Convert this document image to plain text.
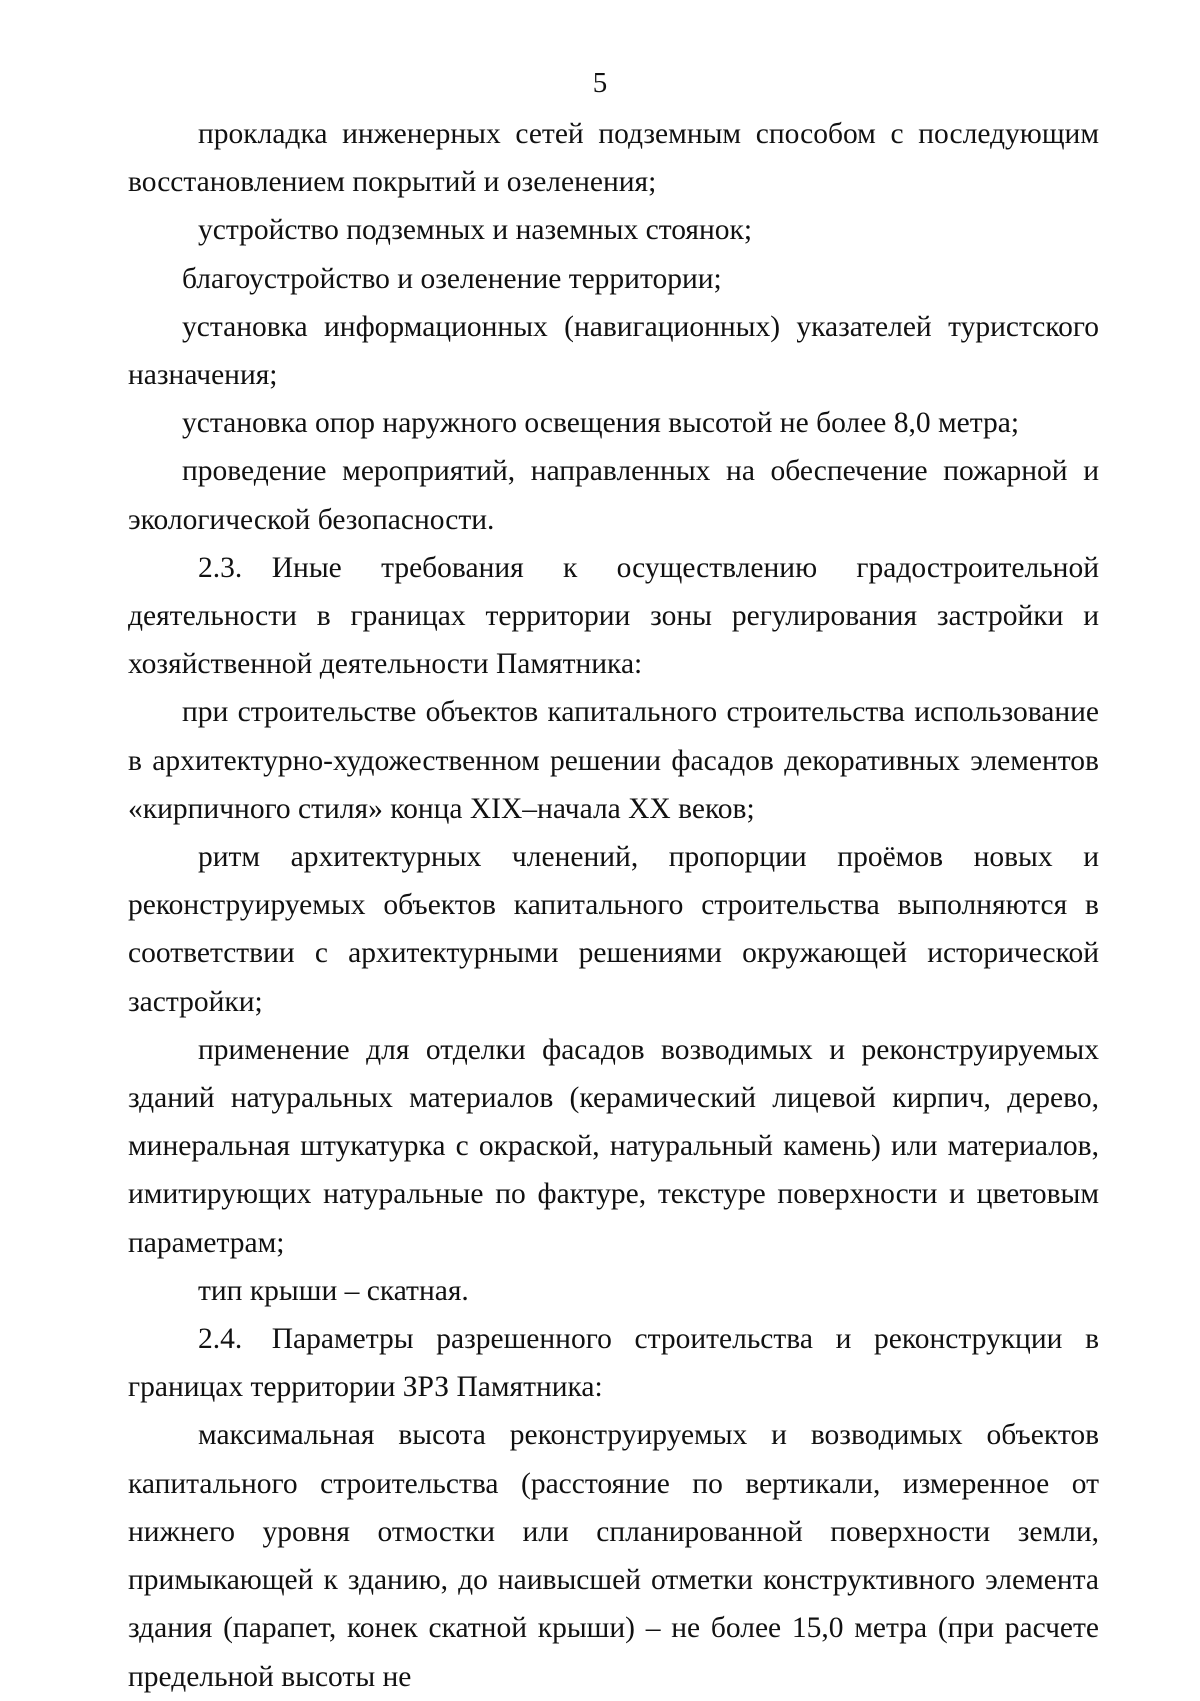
5

прокладка инженерных сетей подземным способом с последующим восстановлением покрытий и озеленения;

устройство подземных и наземных стоянок;

благоустройство и озеленение территории;

установка информационных (навигационных) указателей туристского назначения;

установка опор наружного освещения высотой не более 8,0 метра;

проведение мероприятий, направленных на обеспечение пожарной и экологической безопасности.

2.3. Иные требования к осуществлению градостроительной деятельности в границах территории зоны регулирования застройки и хозяйственной деятельности Памятника:

при строительстве объектов капитального строительства использование в архитектурно-художественном решении фасадов декоративных элементов «кирпичного стиля» конца XIX–начала XX веков;

ритм архитектурных членений, пропорции проёмов новых и реконструируемых объектов капитального строительства выполняются в соответствии с архитектурными решениями окружающей исторической застройки;

применение для отделки фасадов возводимых и реконструируемых зданий натуральных материалов (керамический лицевой кирпич, дерево, минеральная штукатурка с окраской, натуральный камень) или материалов, имитирующих натуральные по фактуре, текстуре поверхности и цветовым параметрам;

тип крыши – скатная.

2.4. Параметры разрешенного строительства и реконструкции в границах территории ЗРЗ Памятника:

максимальная высота реконструируемых и возводимых объектов капитального строительства (расстояние по вертикали, измеренное от нижнего уровня отмостки или спланированной поверхности земли, примыкающей к зданию, до наивысшей отметки конструктивного элемента здания (парапет, конек скатной крыши) – не более 15,0 метра (при расчете предельной высоты не
